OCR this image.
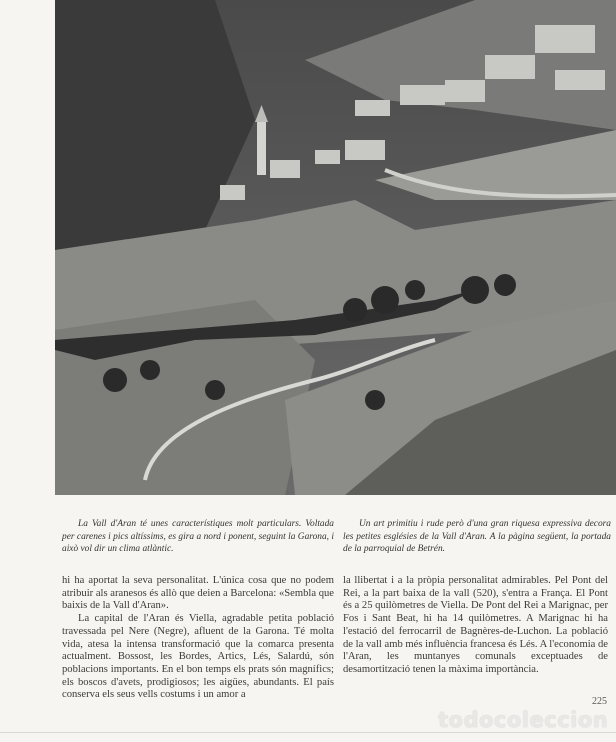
La Vall d'Aran té unes característiques molt particulars. Voltada per carenes i pics altíssims, es gira a nord i ponent, seguint la Garona, i això vol dir un clima atlàntic.
Un art primitiu i rude però d'una gran riquesa expressiva decora les petites esglésies de la Vall d'Aran. A la pàgina següent, la portada de la parroquial de Betrén.

hi ha aportat la seva personalitat. L'única cosa que no podem atribuir als aranesos és allò que deien a Barcelona: «Sembla que baixis de la Vall d'Aran».

La capital de l'Aran és Viella, agradable petita població travessada pel Nere (Negre), afluent de la Garona. Té molta vida, atesa la intensa transformació que la comarca presenta actualment. Bossost, les Bordes, Artics, Lés, Salardú, són poblacions importants. En el bon temps els prats són magnífics; els boscos d'avets, prodigiosos; les aigües, abundants. El país conserva els seus vells costums i un amor a

la llibertat i a la pròpia personalitat admirables. Pel Pont del Rei, a la part baixa de la vall (520), s'entra a França. El Pont és a 25 quilòmetres de Viella. De Pont del Rei a Marignac, per Fos i Sant Beat, hi ha 14 quilòmetres. A Marignac hi ha l'estació del ferrocarril de Bagnères-de-Luchon. La població de la vall amb més influència francesa és Lés. A l'economia de l'Aran, les muntanyes comunals exceptuades de desamortització tenen la màxima importància.

225
todocoleccion
